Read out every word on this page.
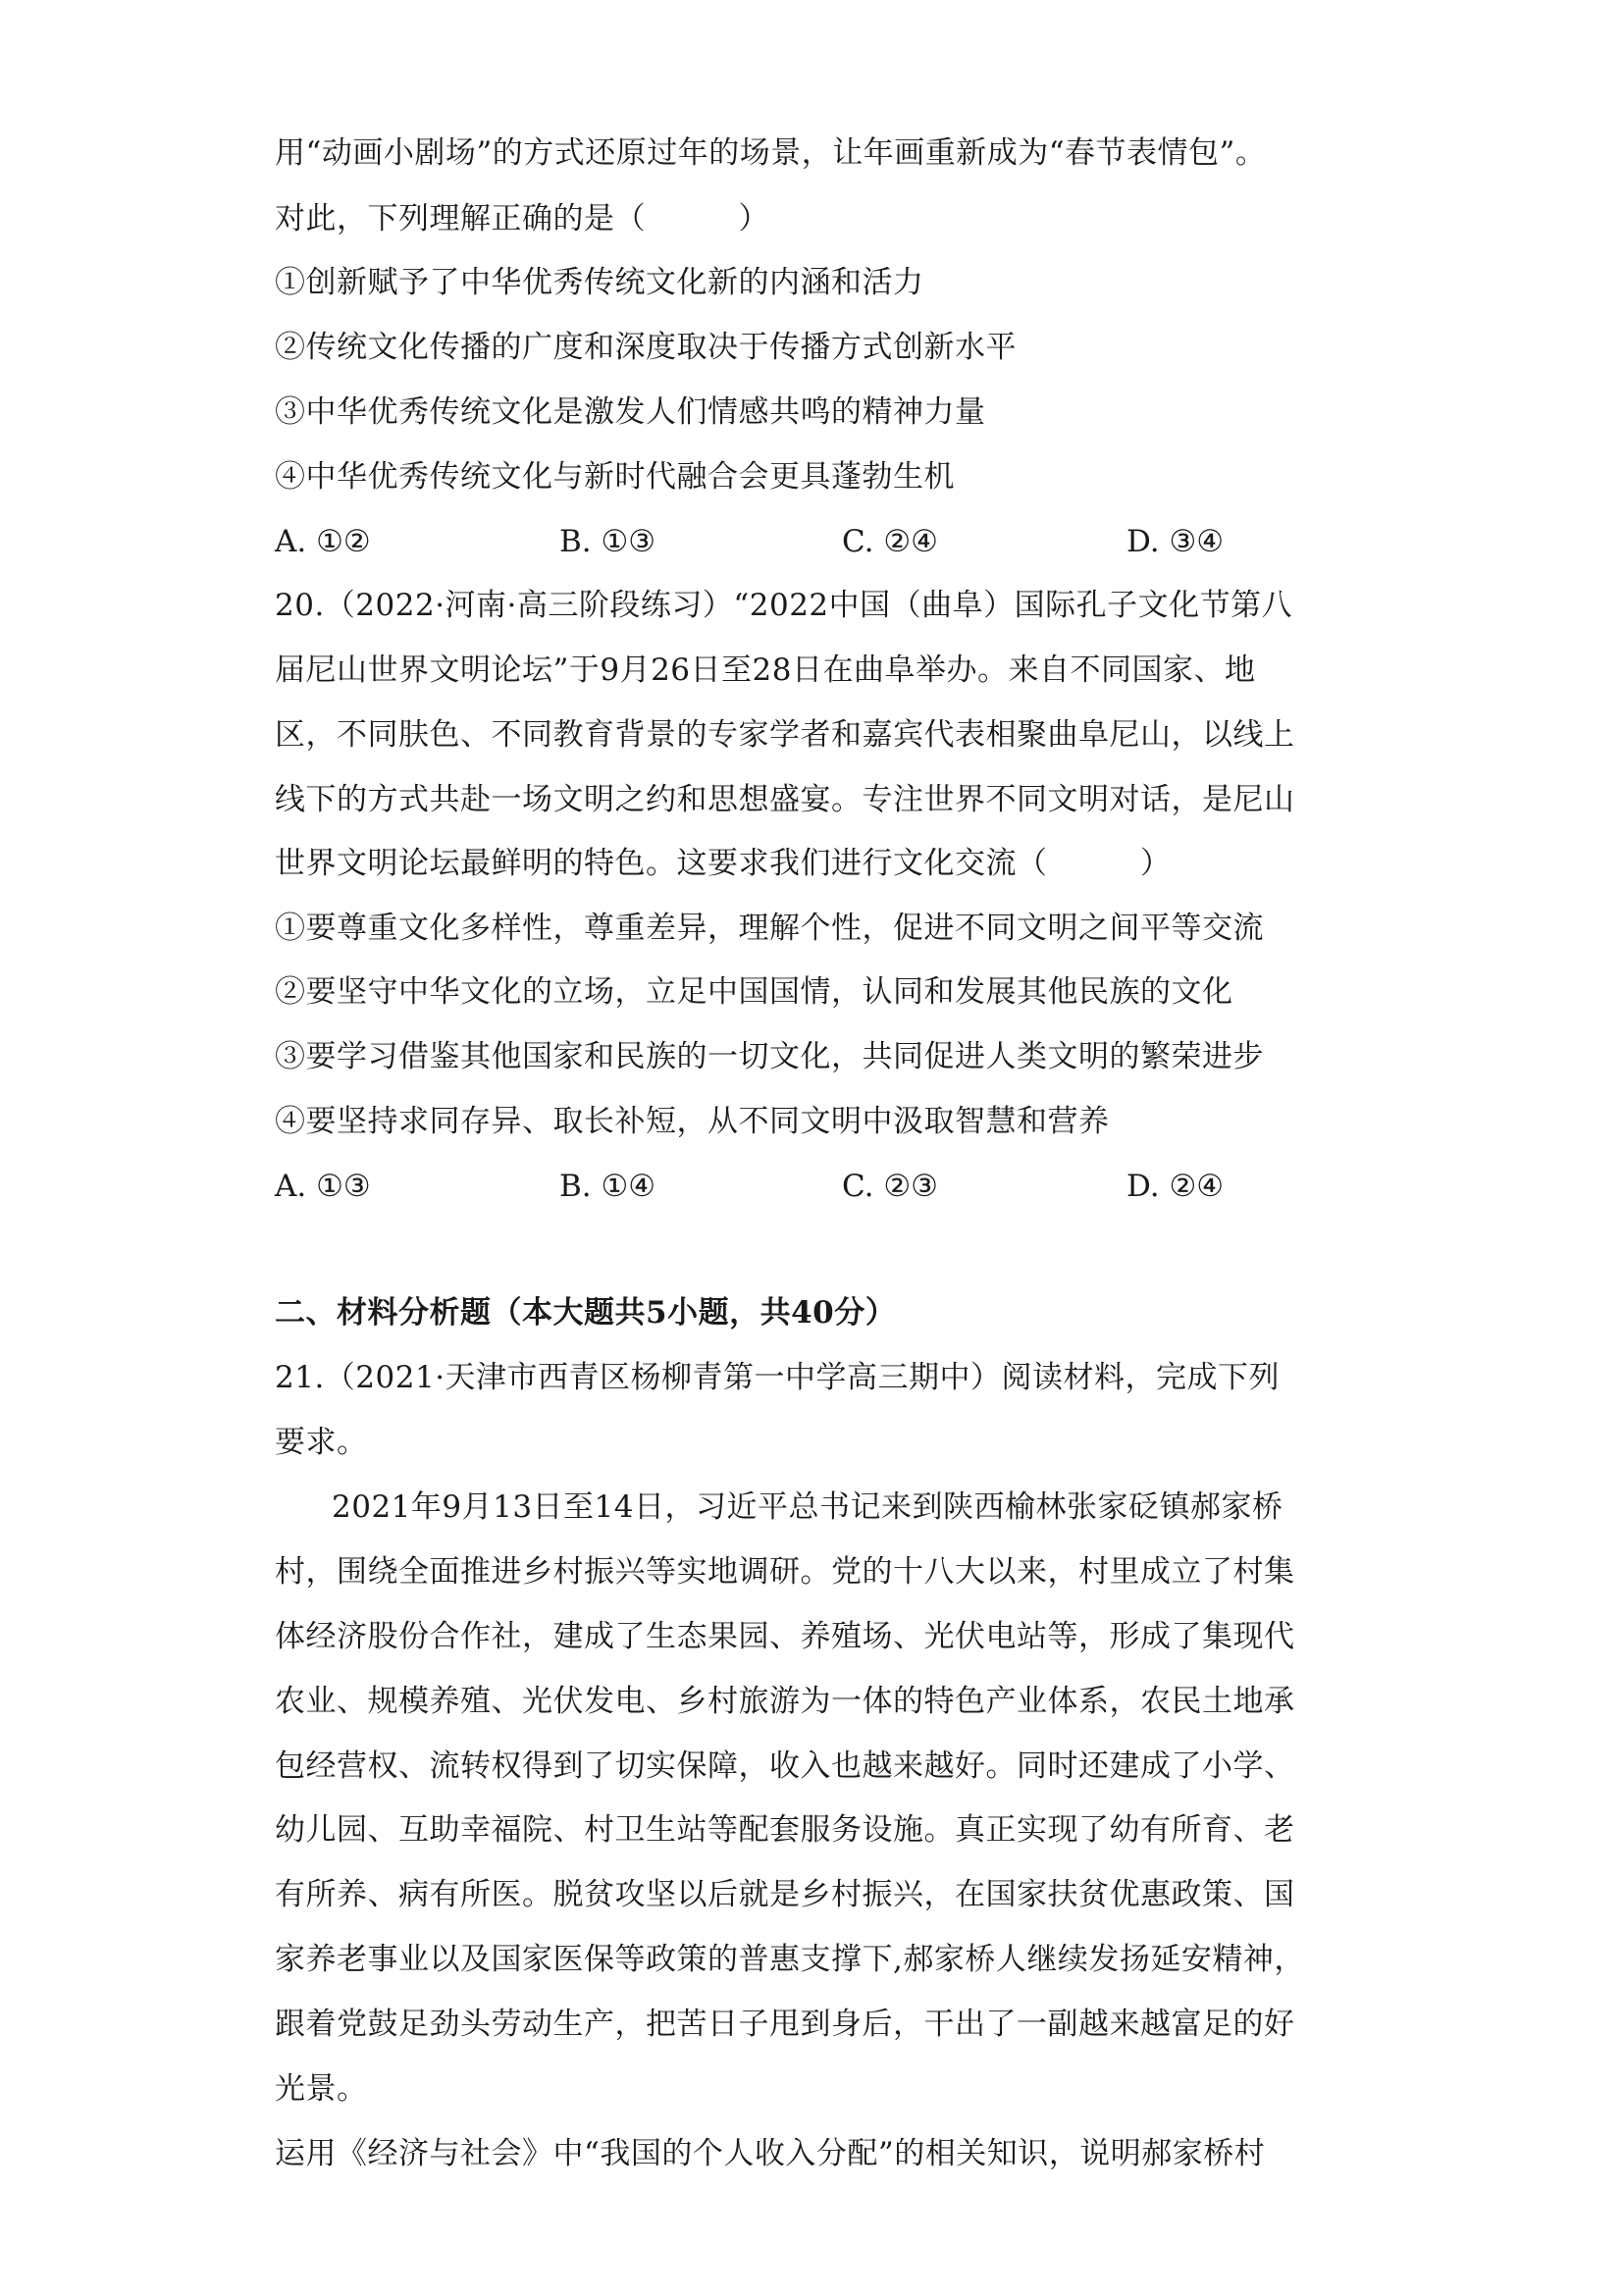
用“动画小剧场”的方式还原过年的场景，让年画重新成为“春节表情包”。
对此，下列理解正确的是（　　　）
①创新赋予了中华优秀传统文化新的内涵和活力
②传统文化传播的广度和深度取决于传播方式创新水平
③中华优秀传统文化是激发人们情感共鸣的精神力量
④中华优秀传统文化与新时代融合会更具蓬勃生机
A. ①②	B. ①③	C. ②④	D. ③④
20.（2022·河南·高三阶段练习）“2022中国（曲阜）国际孔子文化节第八
届尼山世界文明论坛”于9月26日至28日在曲阜举办。来自不同国家、地
区，不同肤色、不同教育背景的专家学者和嘉宾代表相聚曲阜尼山，以线上
线下的方式共赴一场文明之约和思想盛宴。专注世界不同文明对话，是尼山
世界文明论坛最鲜明的特色。这要求我们进行文化交流（　　　）
①要尊重文化多样性，尊重差异，理解个性，促进不同文明之间平等交流
②要坚守中华文化的立场，立足中国国情，认同和发展其他民族的文化
③要学习借鉴其他国家和民族的一切文化，共同促进人类文明的繁荣进步
④要坚持求同存异、取长补短，从不同文明中汲取智慧和营养
A. ①③	B. ①④	C. ②③	D. ②④
二、材料分析题（本大题共5小题，共40分）
21.（2021·天津市西青区杨柳青第一中学高三期中）阅读材料，完成下列
要求。
2021年9月13日至14日，习近平总书记来到陕西榆林张家砭镇郝家桥
村，围绕全面推进乡村振兴等实地调研。党的十八大以来，村里成立了村集
体经济股份合作社，建成了生态果园、养殖场、光伏电站等，形成了集现代
农业、规模养殖、光伏发电、乡村旅游为一体的特色产业体系，农民土地承
包经营权、流转权得到了切实保障，收入也越来越好。同时还建成了小学、
幼儿园、互助幸福院、村卫生站等配套服务设施。真正实现了幼有所育、老
有所养、病有所医。脱贫攻坚以后就是乡村振兴，在国家扶贫优惠政策、国
家养老事业以及国家医保等政策的普惠支撑下,郝家桥人继续发扬延安精神，
跟着党鼓足劲头劳动生产，把苦日子甩到身后，干出了一副越来越富足的好
光景。
运用《经济与社会》中“我国的个人收入分配”的相关知识，说明郝家桥村
